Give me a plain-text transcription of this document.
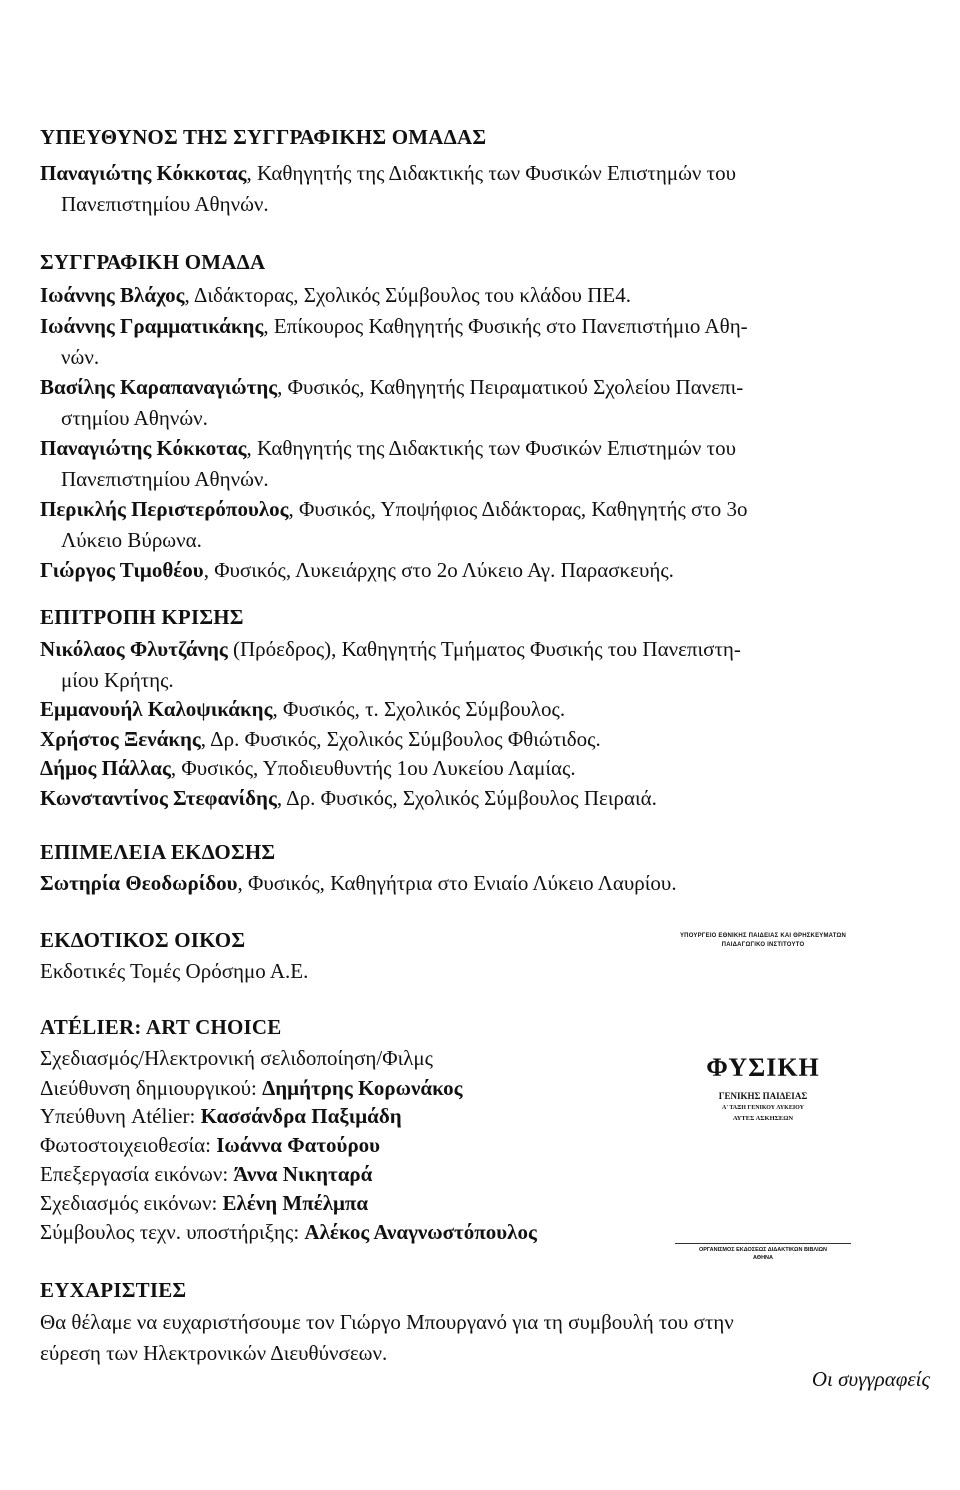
ΥΠΕΥΘΥΝΟΣ ΤΗΣ ΣΥΓΓΡΑΦΙΚΗΣ ΟΜΑΔΑΣ
Παναγιώτης Κόκκοτας, Καθηγητής της Διδακτικής των Φυσικών Επιστημών του
Πανεπιστημίου Αθηνών.
ΣΥΓΓΡΑΦΙΚΗ ΟΜΑΔΑ
Ιωάννης Βλάχος, Διδάκτορας, Σχολικός Σύμβουλος του κλάδου ΠΕ4.
Ιωάννης Γραμματικάκης, Επίκουρος Καθηγητής Φυσικής στο Πανεπιστήμιο Αθη-
νών.
Βασίλης Καραπαναγιώτης, Φυσικός, Καθηγητής Πειραματικού Σχολείου Πανεπι-
στημίου Αθηνών.
Παναγιώτης Κόκκοτας, Καθηγητής της Διδακτικής των Φυσικών Επιστημών του
Πανεπιστημίου Αθηνών.
Περικλής Περιστερόπουλος, Φυσικός, Υποψήφιος Διδάκτορας, Καθηγητής στο 3ο
Λύκειο Βύρωνα.
Γιώργος Τιμοθέου, Φυσικός, Λυκειάρχης στο 2ο Λύκειο Αγ. Παρασκευής.
ΕΠΙΤΡΟΠΗ ΚΡΙΣΗΣ
Νικόλαος Φλυτζάνης (Πρόεδρος), Καθηγητής Τμήματος Φυσικής του Πανεπιστη-
μίου Κρήτης.
Εμμανουήλ Καλοψικάκης, Φυσικός, τ. Σχολικός Σύμβουλος.
Χρήστος Ξενάκης, Δρ. Φυσικός, Σχολικός Σύμβουλος Φθιώτιδος.
Δήμος Πάλλας, Φυσικός, Υποδιευθυντής 1ου Λυκείου Λαμίας.
Κωνσταντίνος Στεφανίδης, Δρ. Φυσικός, Σχολικός Σύμβουλος Πειραιά.
ΕΠΙΜΕΛΕΙΑ ΕΚΔΟΣΗΣ
Σωτηρία Θεοδωρίδου, Φυσικός, Καθηγήτρια στο Ενιαίο Λύκειο Λαυρίου.
ΕΚΔΟΤΙΚΟΣ ΟΙΚΟΣ
Εκδοτικές Τομές Ορόσημο Α.Ε.
ATÉLIER: ART CHOICE
Σχεδιασμός/Ηλεκτρονική σελιδοποίηση/Φιλμς
Διεύθυνση δημιουργικού: Δημήτρης Κορωνάκος
Υπεύθυνη Atélier: Κασσάνδρα Παξιμάδη
Φωτοστοιχειοθεσία: Ιωάννα Φατούρου
Επεξεργασία εικόνων: Άννα Νικηταρά
Σχεδιασμός εικόνων: Ελένη Μπέλμπα
Σύμβουλος τεχν. υποστήριξης: Αλέκος Αναγνωστόπουλος
ΕΥΧΑΡΙΣΤΙΕΣ
Θα θέλαμε να ευχαριστήσουμε τον Γιώργο Μπουργανό για τη συμβουλή του στην
εύρεση των Ηλεκτρονικών Διευθύνσεων.
Οι συγγραφείς
ΥΠΟΥΡΓΕΙΟ ΕΘΝΙΚΗΣ ΠΑΙΔΕΙΑΣ ΚΑΙ ΘΡΗΣΚΕΥΜΑΤΩΝ
ΠΑΙΔΑΓΩΓΙΚΟ ΙΝΣΤΙΤΟΥΤΟ
ΦΥΣΙΚΗ
ΓΕΝΙΚΗΣ ΠΑΙΔΕΙΑΣ
Α' ΤΑΞΗ ΓΕΝΙΚΟΥ ΛΥΚΕΙΟΥ
ΑΥΤΕΣ ΑΣΚΗΣΕΩΝ
ΟΡΓΑΝΙΣΜΟΣ ΕΚΔΟΣΕΩΣ ΔΙΔΑΚΤΙΚΩΝ ΒΙΒΛΙΩΝ
ΑΘΗΝΑ
